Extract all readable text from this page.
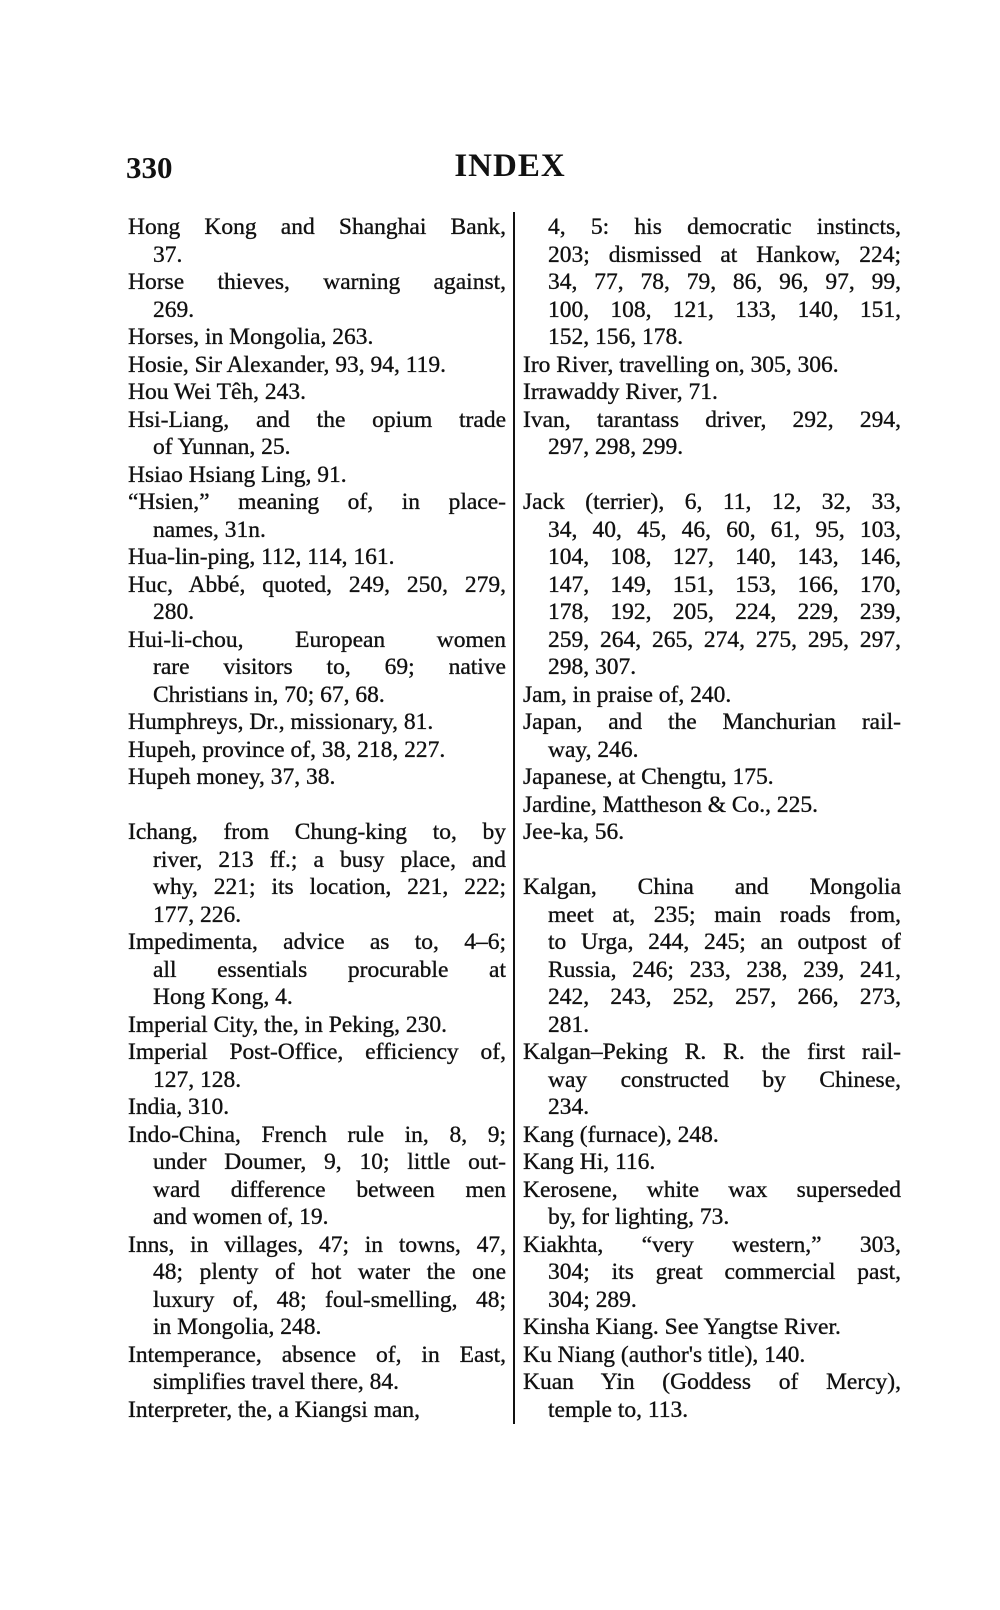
330	INDEX
Hong Kong and Shanghai Bank,
37.
Horse thieves, warning against,
269.
Horses, in Mongolia, 263.
Hosie, Sir Alexander, 93, 94, 119.
Hou Wei Têh, 243.
Hsi-Liang, and the opium trade
of Yunnan, 25.
Hsiao Hsiang Ling, 91.
“Hsien,” meaning of, in place-
names, 31n.
Hua-lin-ping, 112, 114, 161.
Huc, Abbé, quoted, 249, 250, 279,
280.
Hui-li-chou, European women
rare visitors to, 69; native
Christians in, 70; 67, 68.
Humphreys, Dr., missionary, 81.
Hupeh, province of, 38, 218, 227.
Hupeh money, 37, 38.
Ichang, from Chung-king to, by
river, 213 ff.; a busy place, and
why, 221; its location, 221, 222;
177, 226.
Impedimenta, advice as to, 4–6;
all essentials procurable at
Hong Kong, 4.
Imperial City, the, in Peking, 230.
Imperial Post-Office, efficiency of,
127, 128.
India, 310.
Indo-China, French rule in, 8, 9;
under Doumer, 9, 10; little out-
ward difference between men
and women of, 19.
Inns, in villages, 47; in towns, 47,
48; plenty of hot water the one
luxury of, 48; foul-smelling, 48;
in Mongolia, 248.
Intemperance, absence of, in East,
simplifies travel there, 84.
Interpreter, the, a Kiangsi man,
4, 5: his democratic instincts,
203; dismissed at Hankow, 224;
34, 77, 78, 79, 86, 96, 97, 99,
100, 108, 121, 133, 140, 151,
152, 156, 178.
Iro River, travelling on, 305, 306.
Irrawaddy River, 71.
Ivan, tarantass driver, 292, 294,
297, 298, 299.
Jack (terrier), 6, 11, 12, 32, 33,
34, 40, 45, 46, 60, 61, 95, 103,
104, 108, 127, 140, 143, 146,
147, 149, 151, 153, 166, 170,
178, 192, 205, 224, 229, 239,
259, 264, 265, 274, 275, 295, 297,
298, 307.
Jam, in praise of, 240.
Japan, and the Manchurian rail-
way, 246.
Japanese, at Chengtu, 175.
Jardine, Mattheson & Co., 225.
Jee-ka, 56.
Kalgan, China and Mongolia
meet at, 235; main roads from,
to Urga, 244, 245; an outpost of
Russia, 246; 233, 238, 239, 241,
242, 243, 252, 257, 266, 273,
281.
Kalgan–Peking R. R. the first rail-
way constructed by Chinese,
234.
Kang (furnace), 248.
Kang Hi, 116.
Kerosene, white wax superseded
by, for lighting, 73.
Kiakhta, “very western,” 303,
304; its great commercial past,
304; 289.
Kinsha Kiang. See Yangtse River.
Ku Niang (author's title), 140.
Kuan Yin (Goddess of Mercy),
temple to, 113.
